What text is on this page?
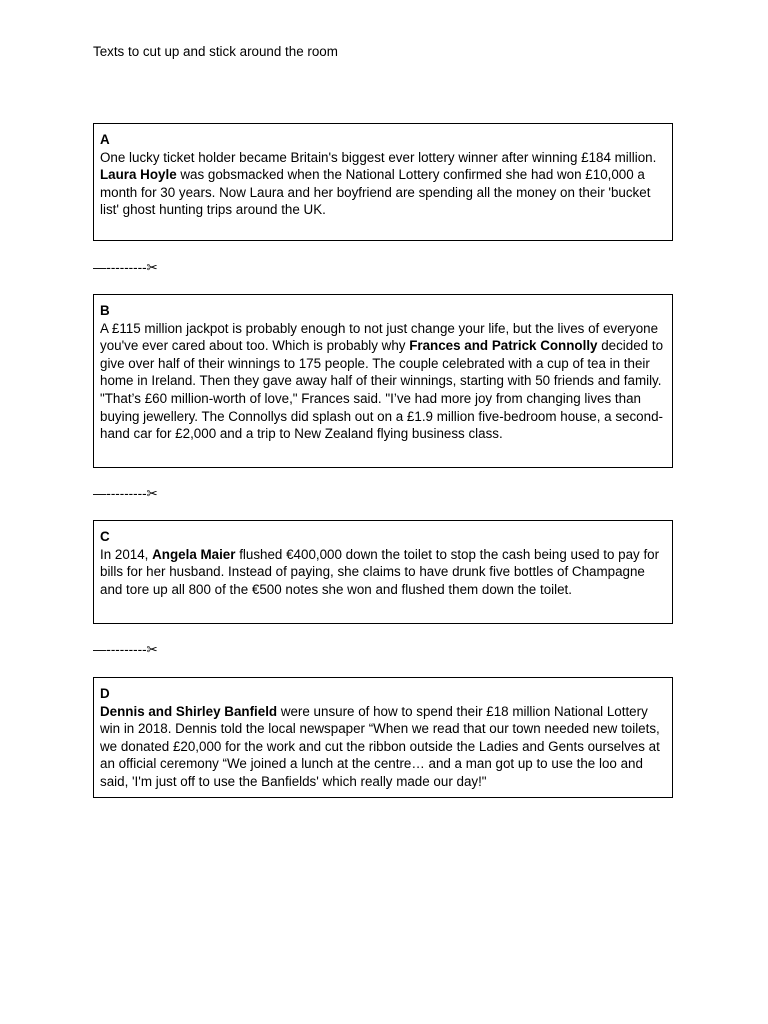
Texts to cut up and stick around the room
A
One lucky ticket holder became Britain's biggest ever lottery winner after winning £184 million. Laura Hoyle was gobsmacked when the National Lottery confirmed she had won £10,000 a month for 30 years. Now Laura and her boyfriend are spending all the money on their 'bucket list' ghost hunting trips around the UK.
—---------✂
B
A £115 million jackpot is probably enough to not just change your life, but the lives of everyone you've ever cared about too. Which is probably why Frances and Patrick Connolly decided to give over half of their winnings to 175 people. The couple celebrated with a cup of tea in their home in Ireland. Then they gave away half of their winnings, starting with 50 friends and family. "That’s £60 million-worth of love," Frances said. "I’ve had more joy from changing lives than buying jewellery. The Connollys did splash out on a £1.9 million five-bedroom house, a second-hand car for £2,000 and a trip to New Zealand flying business class.
—---------✂
C
In 2014, Angela Maier flushed €400,000 down the toilet to stop the cash being used to pay for bills for her husband. Instead of paying, she claims to have drunk five bottles of Champagne and tore up all 800 of the €500 notes she won and flushed them down the toilet.
—---------✂
D
Dennis and Shirley Banfield were unsure of how to spend their £18 million National Lottery win in 2018. Dennis told the local newspaper “When we read that our town needed new toilets, we donated £20,000 for the work and cut the ribbon outside the Ladies and Gents ourselves at an official ceremony “We joined a lunch at the centre… and a man got up to use the loo and said, 'I'm just off to use the Banfields' which really made our day!"
